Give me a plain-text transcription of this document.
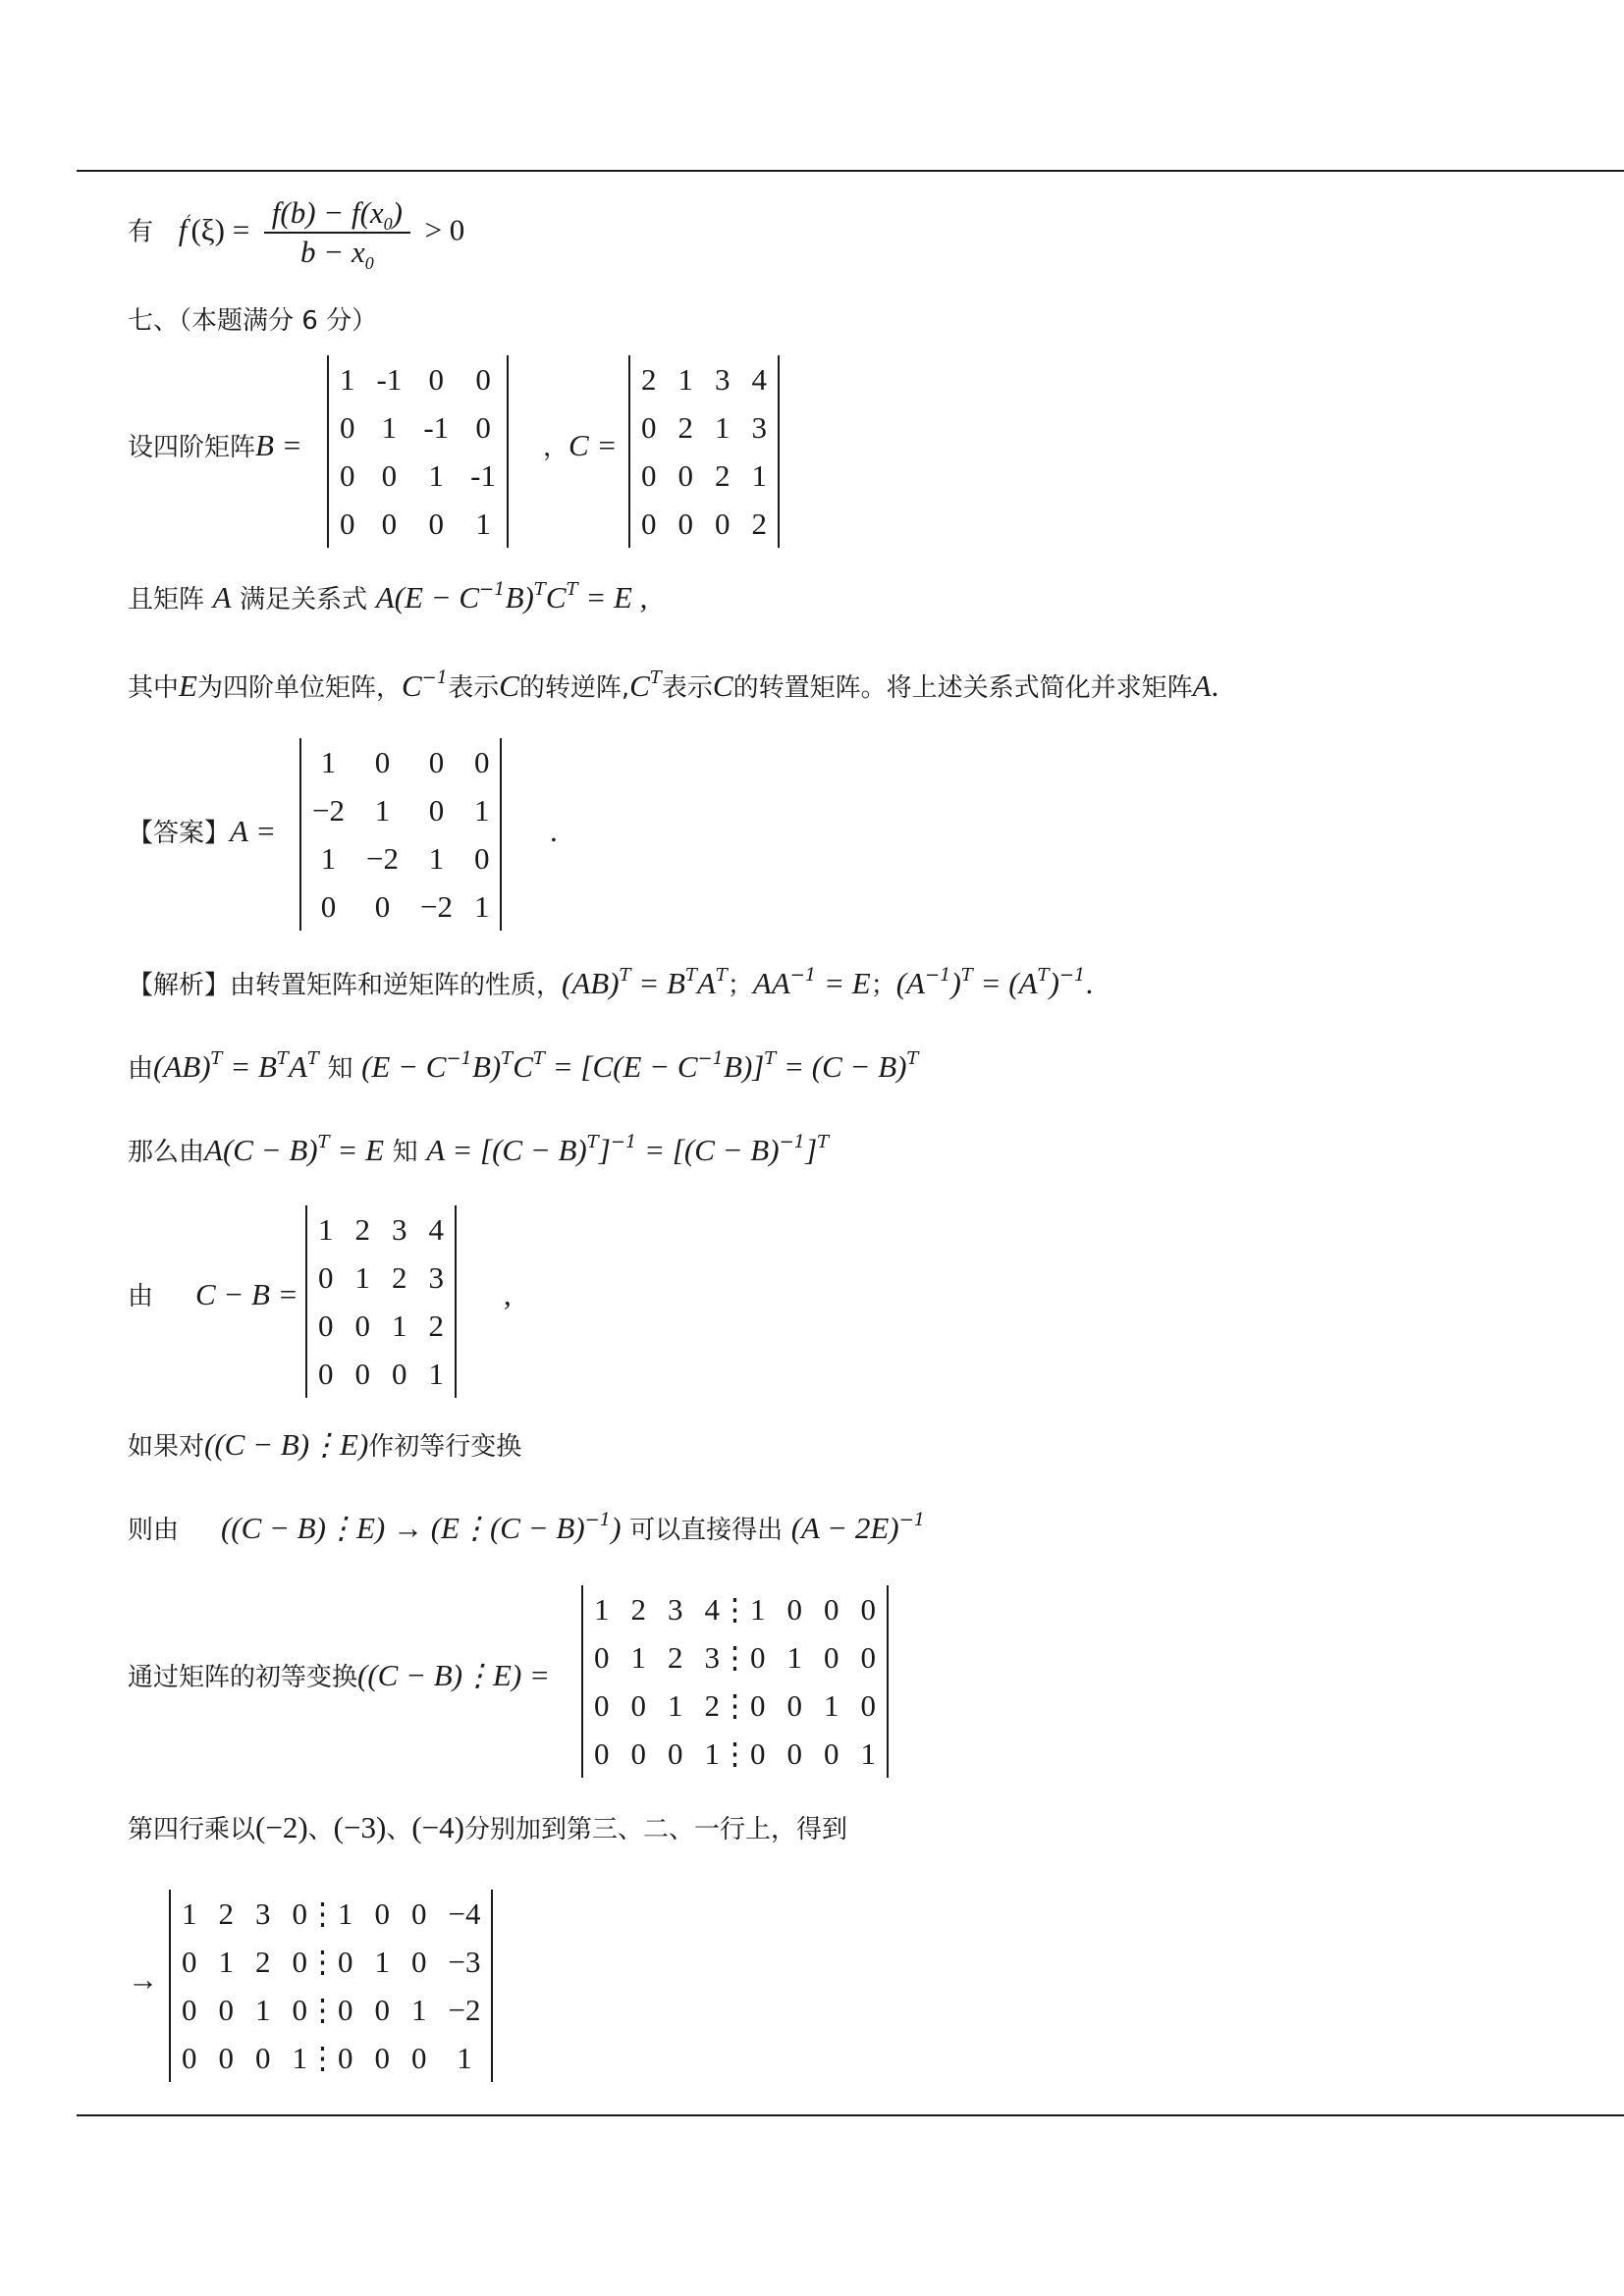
有 $f'(\xi) = \frac{f(b) - f(x_0)}{b - x_0} > 0$
七、（本题满分 6 分）
设四阶矩阵B =
1	-1	0	0
0	1	-1	0
0	0	1	-1
0	0	0	1
，C =
2	1	3	4
0	2	1	3
0	0	2	1
0	0	0	2
且矩阵 A 满足关系式 $A(E - C^{-1}B)^TC^T = E$ ,
其中E为四阶单位矩阵，$C^{-1}$表示C的转逆阵$,C^T$表示C的转置矩阵。将上述关系式简化并求矩阵A.
【答案】A =
1	0	0	0
−2	1	0	1
1	−2	1	0
0	0	−2	1
.
【解析】由转置矩阵和逆矩阵的性质，$(AB)^T = B^TA^T$；$AA^{-1} = E$；$(A^{-1})^T = (A^T)^{-1}$.
由$(AB)^T = B^TA^T$ 知 $(E - C^{-1}B)^TC^T = [C(E - C^{-1}B)]^T = (C - B)^T$
那么由$A(C - B)^T = E$ 知 $A = [(C - B)^T]^{-1} = [(C - B)^{-1}]^T$
由 C − B =
1	2	3	4
0	1	2	3
0	0	1	2
0	0	0	1
,
如果对((C − B)⋮E)作初等行变换
则由 ((C − B)⋮E) → (E⋮(C − B)$^{-1}$) 可以直接得出 $(A - 2E)^{-1}$
通过矩阵的初等变换((C − B)⋮E) =
1	2	3	4⋮1	0	0	0
0	1	2	3⋮0	1	0	0
0	0	1	2⋮0	0	1	0
0	0	0	1⋮0	0	0	1
第四行乘以(−2)、(−3)、(−4)分别加到第三、二、一行上，得到
→
1	2	3	0⋮1	0	0	−4
0	1	2	0⋮0	1	0	−3
0	0	1	0⋮0	0	1	−2
0	0	0	1⋮0	0	0	1
